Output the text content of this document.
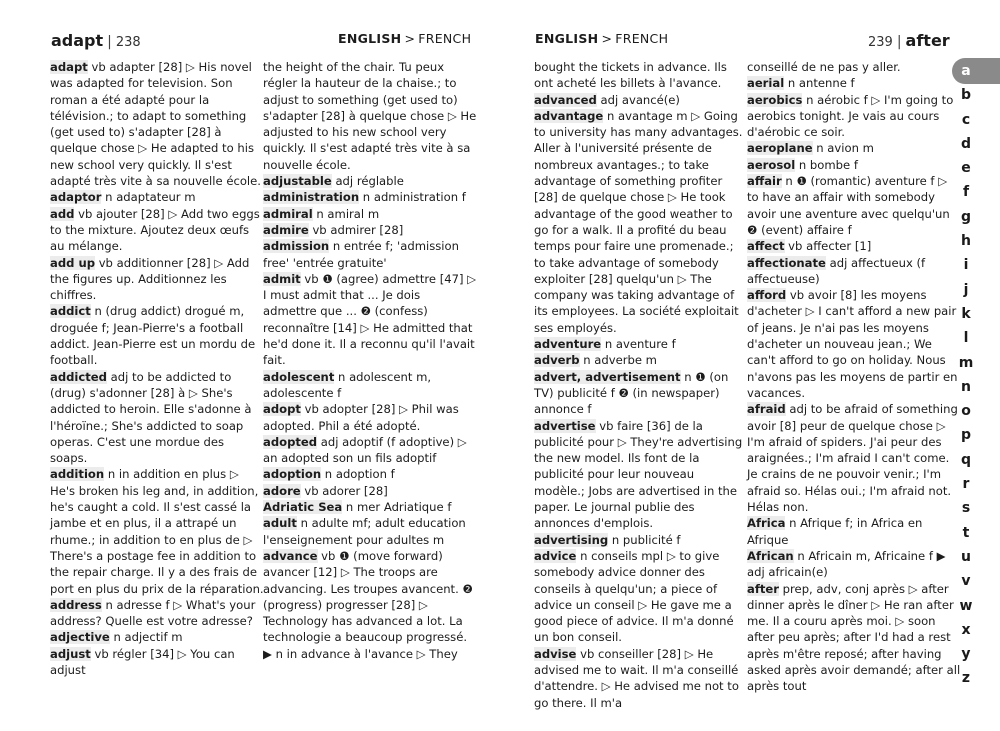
adapt | 238	ENGLISH > FRENCH	ENGLISH > FRENCH	239 | after

adapt vb adapter [28] ▷ His novel was adapted for television. Son roman a été adapté pour la télévision.; to adapt to something (get used to) s'adapter [28] à quelque chose ▷ He adapted to his new school very quickly. Il s'est adapté très vite à sa nouvelle école.

adaptor n adaptateur m

add vb ajouter [28] ▷ Add two eggs to the mixture. Ajoutez deux œufs au mélange.

add up vb additionner [28] ▷ Add the figures up. Additionnez les chiffres.

addict n (drug addict) drogué m, droguée f; Jean-Pierre's a football addict. Jean-Pierre est un mordu de football.

addicted adj to be addicted to (drug) s'adonner [28] à ▷ She's addicted to heroin. Elle s'adonne à l'héroïne.; She's addicted to soap operas. C'est une mordue des soaps.

addition n in addition en plus ▷ He's broken his leg and, in addition, he's caught a cold. Il s'est cassé la jambe et en plus, il a attrapé un rhume.; in addition to en plus de ▷ There's a postage fee in addition to the repair charge. Il y a des frais de port en plus du prix de la réparation.

address n adresse f ▷ What's your address? Quelle est votre adresse?

adjective n adjectif m

adjust vb régler [34] ▷ You can adjust

the height of the chair. Tu peux régler la hauteur de la chaise.; to adjust to something (get used to) s'adapter [28] à quelque chose ▷ He adjusted to his new school very quickly. Il s'est adapté très vite à sa nouvelle école.

adjustable adj réglable

administration n administration f

admiral n amiral m

admire vb admirer [28]

admission n entrée f; 'admission free' 'entrée gratuite'

admit vb ❶ (agree) admettre [47] ▷ I must admit that ... Je dois admettre que ... ❷ (confess) reconnaître [14] ▷ He admitted that he'd done it. Il a reconnu qu'il l'avait fait.

adolescent n adolescent m, adolescente f

adopt vb adopter [28] ▷ Phil was adopted. Phil a été adopté.

adopted adj adoptif (f adoptive) ▷ an adopted son un fils adoptif

adoption n adoption f

adore vb adorer [28]

Adriatic Sea n mer Adriatique f

adult n adulte mf; adult education l'enseignement pour adultes m

advance vb ❶ (move forward) avancer [12] ▷ The troops are advancing. Les troupes avancent. ❷ (progress) progresser [28] ▷ Technology has advanced a lot. La technologie a beaucoup progressé.

▶ n in advance à l'avance ▷ They

bought the tickets in advance. Ils ont acheté les billets à l'avance.

advanced adj avancé(e)

advantage n avantage m ▷ Going to university has many advantages. Aller à l'université présente de nombreux avantages.; to take advantage of something profiter [28] de quelque chose ▷ He took advantage of the good weather to go for a walk. Il a profité du beau temps pour faire une promenade.; to take advantage of somebody exploiter [28] quelqu'un ▷ The company was taking advantage of its employees. La société exploitait ses employés.

adventure n aventure f

adverb n adverbe m

advert, advertisement n ❶ (on TV) publicité f ❷ (in newspaper) annonce f

advertise vb faire [36] de la publicité pour ▷ They're advertising the new model. Ils font de la publicité pour leur nouveau modèle.; Jobs are advertised in the paper. Le journal publie des annonces d'emplois.

advertising n publicité f

advice n conseils mpl ▷ to give somebody advice donner des conseils à quelqu'un; a piece of advice un conseil ▷ He gave me a good piece of advice. Il m'a donné un bon conseil.

advise vb conseiller [28] ▷ He advised me to wait. Il m'a conseillé d'attendre. ▷ He advised me not to go there. Il m'a

conseillé de ne pas y aller.

aerial n antenne f

aerobics n aérobic f ▷ I'm going to aerobics tonight. Je vais au cours d'aérobic ce soir.

aeroplane n avion m

aerosol n bombe f

affair n ❶ (romantic) aventure f ▷ to have an affair with somebody avoir une aventure avec quelqu'un ❷ (event) affaire f

affect vb affecter [1]

affectionate adj affectueux (f affectueuse)

afford vb avoir [8] les moyens d'acheter ▷ I can't afford a new pair of jeans. Je n'ai pas les moyens d'acheter un nouveau jean.; We can't afford to go on holiday. Nous n'avons pas les moyens de partir en vacances.

afraid adj to be afraid of something avoir [8] peur de quelque chose ▷ I'm afraid of spiders. J'ai peur des araignées.; I'm afraid I can't come. Je crains de ne pouvoir venir.; I'm afraid so. Hélas oui.; I'm afraid not. Hélas non.

Africa n Afrique f; in Africa en Afrique

African n Africain m, Africaine f ▶ adj africain(e)

after prep, adv, conj après ▷ after dinner après le dîner ▷ He ran after me. Il a couru après moi. ▷ soon after peu après; after I'd had a rest après m'être reposé; after having asked après avoir demandé; after all après tout

a
b
c
d
e
f
g
h
i
j
k
l
m
n
o
p
q
r
s
t
u
v
w
x
y
z
